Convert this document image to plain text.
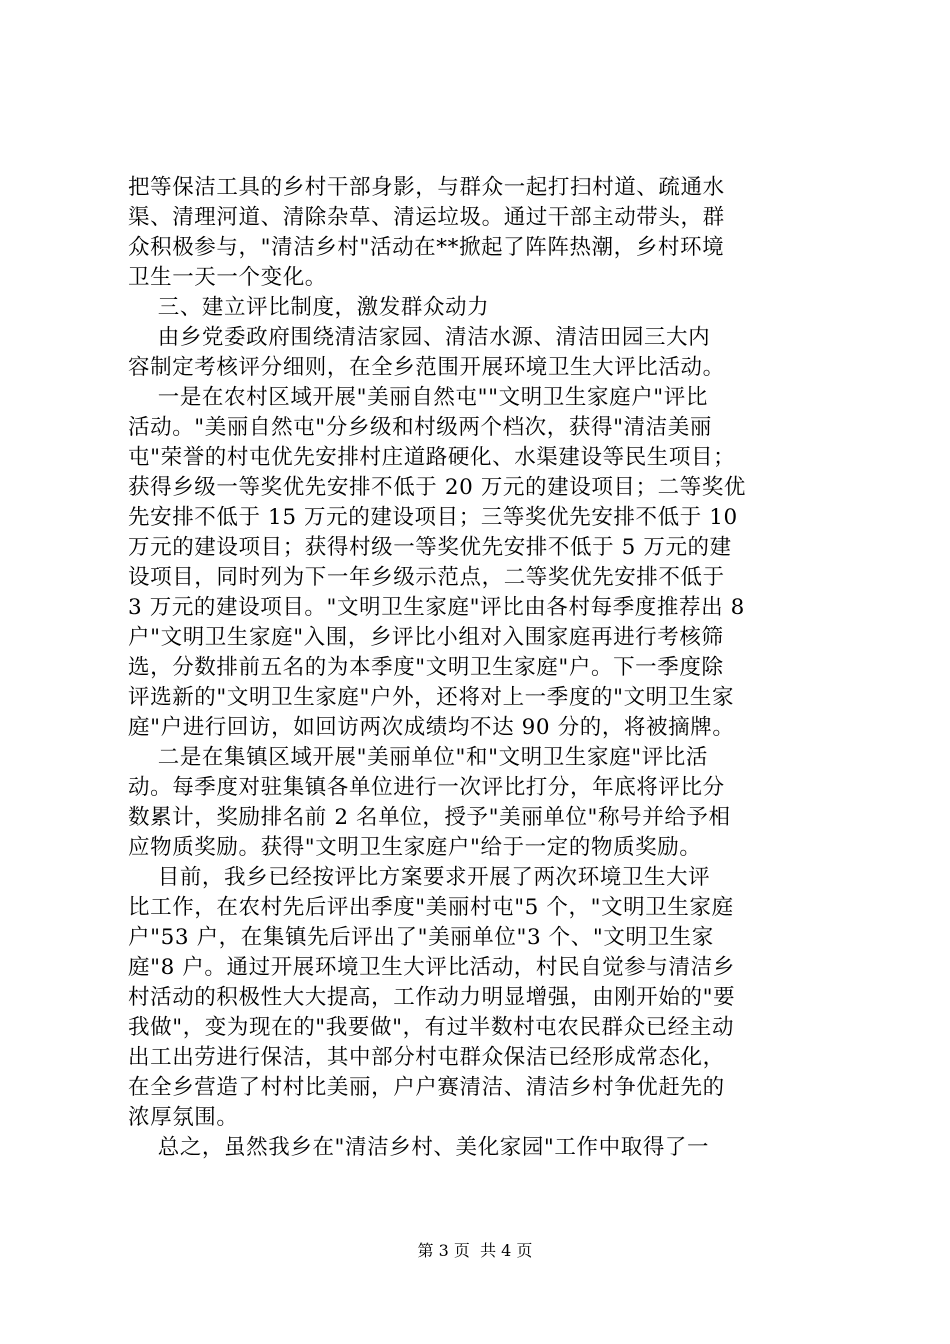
把等保洁工具的乡村干部身影，与群众一起打扫村道、疏通水
渠、清理河道、清除杂草、清运垃圾。通过干部主动带头，群
众积极参与，"清洁乡村"活动在**掀起了阵阵热潮，乡村环境
卫生一天一个变化。
三、建立评比制度，激发群众动力
由乡党委政府围绕清洁家园、清洁水源、清洁田园三大内
容制定考核评分细则，在全乡范围开展环境卫生大评比活动。
一是在农村区域开展"美丽自然屯""文明卫生家庭户"评比
活动。"美丽自然屯"分乡级和村级两个档次，获得"清洁美丽
屯"荣誉的村屯优先安排村庄道路硬化、水渠建设等民生项目；
获得乡级一等奖优先安排不低于 20 万元的建设项目；二等奖优
先安排不低于 15 万元的建设项目；三等奖优先安排不低于 10
万元的建设项目；获得村级一等奖优先安排不低于 5 万元的建
设项目，同时列为下一年乡级示范点，二等奖优先安排不低于
3 万元的建设项目。"文明卫生家庭"评比由各村每季度推荐出 8
户"文明卫生家庭"入围，乡评比小组对入围家庭再进行考核筛
选，分数排前五名的为本季度"文明卫生家庭"户。下一季度除
评选新的"文明卫生家庭"户外，还将对上一季度的"文明卫生家
庭"户进行回访，如回访两次成绩均不达 90 分的，将被摘牌。
二是在集镇区域开展"美丽单位"和"文明卫生家庭"评比活
动。每季度对驻集镇各单位进行一次评比打分，年底将评比分
数累计，奖励排名前 2 名单位，授予"美丽单位"称号并给予相
应物质奖励。获得"文明卫生家庭户"给于一定的物质奖励。
目前，我乡已经按评比方案要求开展了两次环境卫生大评
比工作，在农村先后评出季度"美丽村屯"5 个，"文明卫生家庭
户"53 户，在集镇先后评出了"美丽单位"3 个、"文明卫生家
庭"8 户。通过开展环境卫生大评比活动，村民自觉参与清洁乡
村活动的积极性大大提高，工作动力明显增强，由刚开始的"要
我做"，变为现在的"我要做"，有过半数村屯农民群众已经主动
出工出劳进行保洁，其中部分村屯群众保洁已经形成常态化，
在全乡营造了村村比美丽，户户赛清洁、清洁乡村争优赶先的
浓厚氛围。
总之，虽然我乡在"清洁乡村、美化家园"工作中取得了一
第 3 页  共 4 页
